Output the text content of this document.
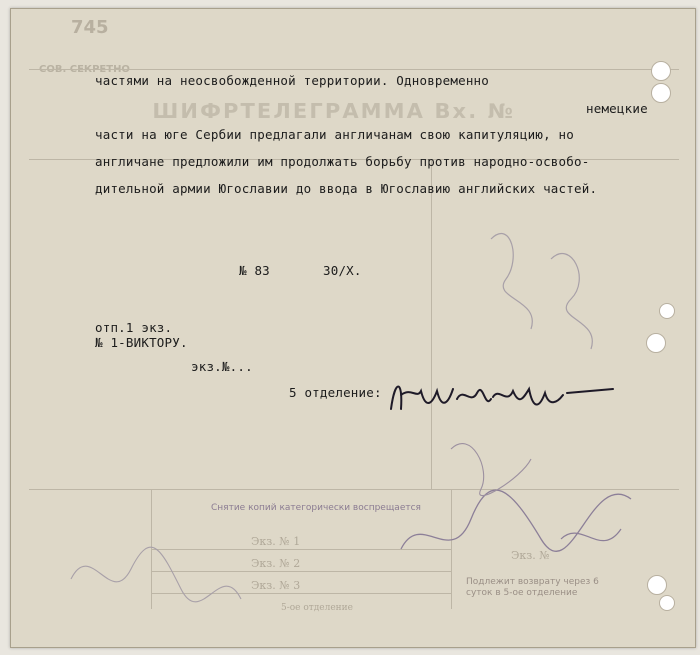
745
ШИФРТЕЛЕГРАММА Вх. №
Снятие копий категорически воспрещается
Экз. № 1
Экз. № 2
Экз. № 3
5-ое отделение
Экз. №
Подлежит возврату через 6 суток в 5-ое отделение
частями на неосвобожденной территории. Одновременно
немецкие
части на юге Сербии предлагали англичанам свою капитуляцию, но
англичане предложили им продолжать борьбу против народно-освобо-
дительной армии Югославии до ввода в Югославию английских частей.
№ 83	30/Х.
отп.1 экз.
№ 1-ВИКТОРУ.
экз.№...
5 отделение:
